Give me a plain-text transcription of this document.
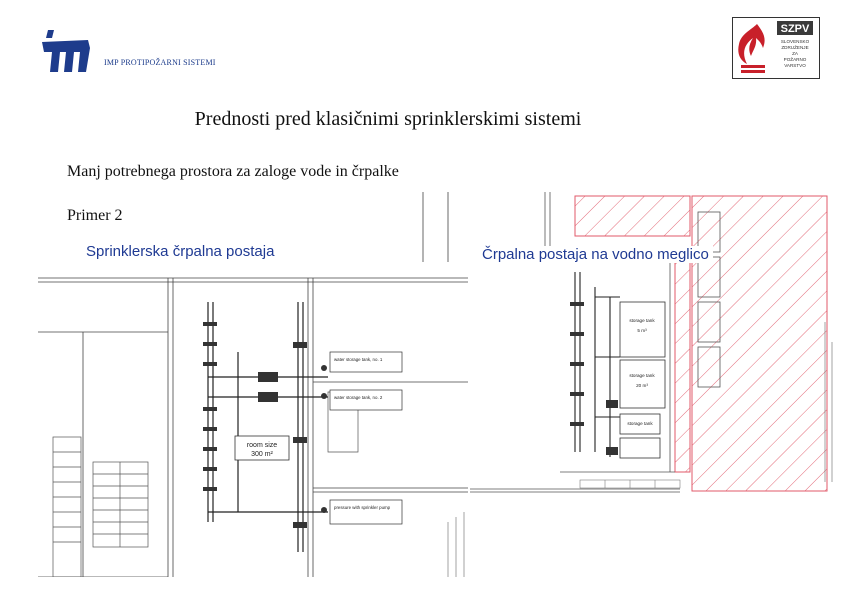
IMP PROTIPOŽARNI SISTEMI
SZPV
SLOVENSKO
ZDRUŽENJE
ZA
POŽARNO
VARSTVO
Prednosti pred klasičnimi sprinklerskimi sistemi
Manj potrebnega prostora za zaloge vode in črpalke
Primer 2
water storage tank, no. 1
water storage tank, no. 2
pressure with sprinkler pump
room size
300 m²
storage tank
5 m³
storage tank
20 m³
storage tank
Sprinklerska črpalna postaja	Črpalna postaja na vodno meglico
